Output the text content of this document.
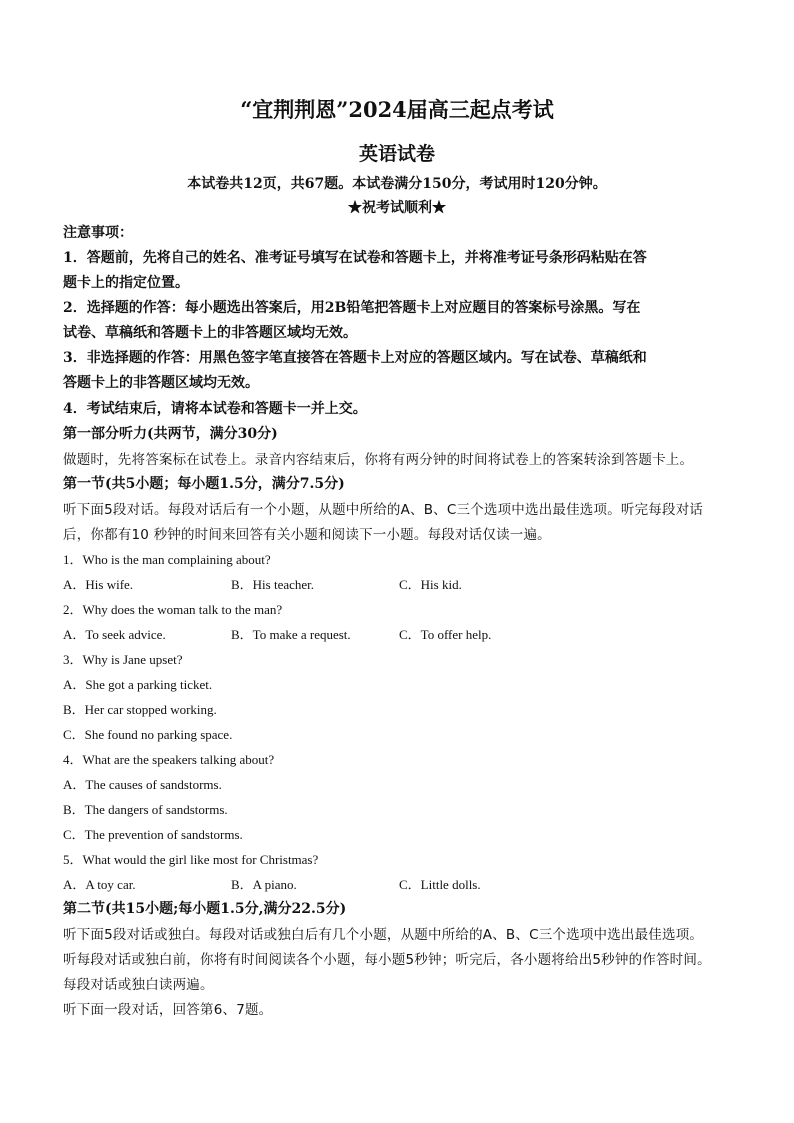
“宜荆荆恩”2024届高三起点考试
英语试卷
本试卷共12页，共67题。本试卷满分150分，考试用时120分钟。
★祝考试顺利★
注意事项：
1．答题前，先将自己的姓名、准考证号填写在试卷和答题卡上，并将准考证号条形码粘贴在答
题卡上的指定位置。
2．选择题的作答：每小题选出答案后，用2B铅笔把答题卡上对应题目的答案标号涂黑。写在
试卷、草稿纸和答题卡上的非答题区域均无效。
3．非选择题的作答：用黑色签字笔直接答在答题卡上对应的答题区域内。写在试卷、草稿纸和
答题卡上的非答题区域均无效。
4．考试结束后，请将本试卷和答题卡一并上交。
第一部分听力(共两节，满分30分)
做题时，先将答案标在试卷上。录音内容结束后，你将有两分钟的时间将试卷上的答案转涂到答题卡上。
第一节(共5小题；每小题1.5分，满分7.5分)
听下面5段对话。每段对话后有一个小题，从题中所给的A、B、C三个选项中选出最佳选项。听完每段对话
后，你都有10 秒钟的时间来回答有关小题和阅读下一小题。每段对话仅读一遍。
1．Who is the man complaining about?
A．His wife.	B．His teacher.	C．His kid.
2．Why does the woman talk to the man?
A．To seek advice.	B．To make a request.	C．To offer help.
3．Why is Jane upset?
A．She got a parking ticket.
B．Her car stopped working.
C．She found no parking space.
4．What are the speakers talking about?
A．The causes of sandstorms.
B．The dangers of sandstorms.
C．The prevention of sandstorms.
5．What would the girl like most for Christmas?
A．A toy car.	B．A piano.	C．Little dolls.
第二节(共15小题;每小题1.5分,满分22.5分)
听下面5段对话或独白。每段对话或独白后有几个小题，从题中所给的A、B、C三个选项中选出最佳选项。
听每段对话或独白前，你将有时间阅读各个小题，每小题5秒钟；听完后，各小题将给出5秒钟的作答时间。
每段对话或独白读两遍。
听下面一段对话，回答第6、7题。
